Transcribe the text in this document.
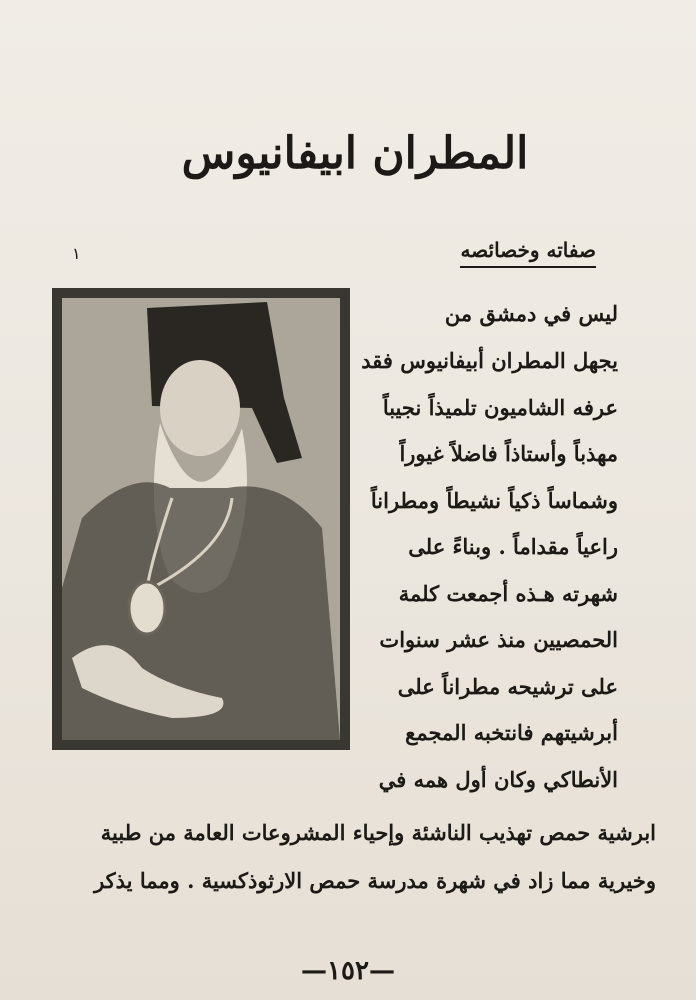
المطران ابيفانيوس
صفاته وخصائصه
١
ليس في دمشق من
يجهل المطران أبيفانيوس فقد
عرفه الشاميون تلميذاً نجيباً
مهذباً وأستاذاً فاضلاً غيوراً
وشماساً ذكياً نشيطاً ومطراناً
راعياً مقداماً . وبناءً على
شهرته هـذه أجمعت كلمة
الحمصيين منذ عشر سنوات
على ترشيحه مطراناً على
أبرشيتهم فانتخبه المجمع
الأنطاكي وكان أول همه في
ابرشية حمص تهذيب الناشئة وإحياء المشروعات العامة من طبية
وخيرية مما زاد في شهرة مدرسة حمص الارثوذكسية . ومما يذكر
—١٥٢—
